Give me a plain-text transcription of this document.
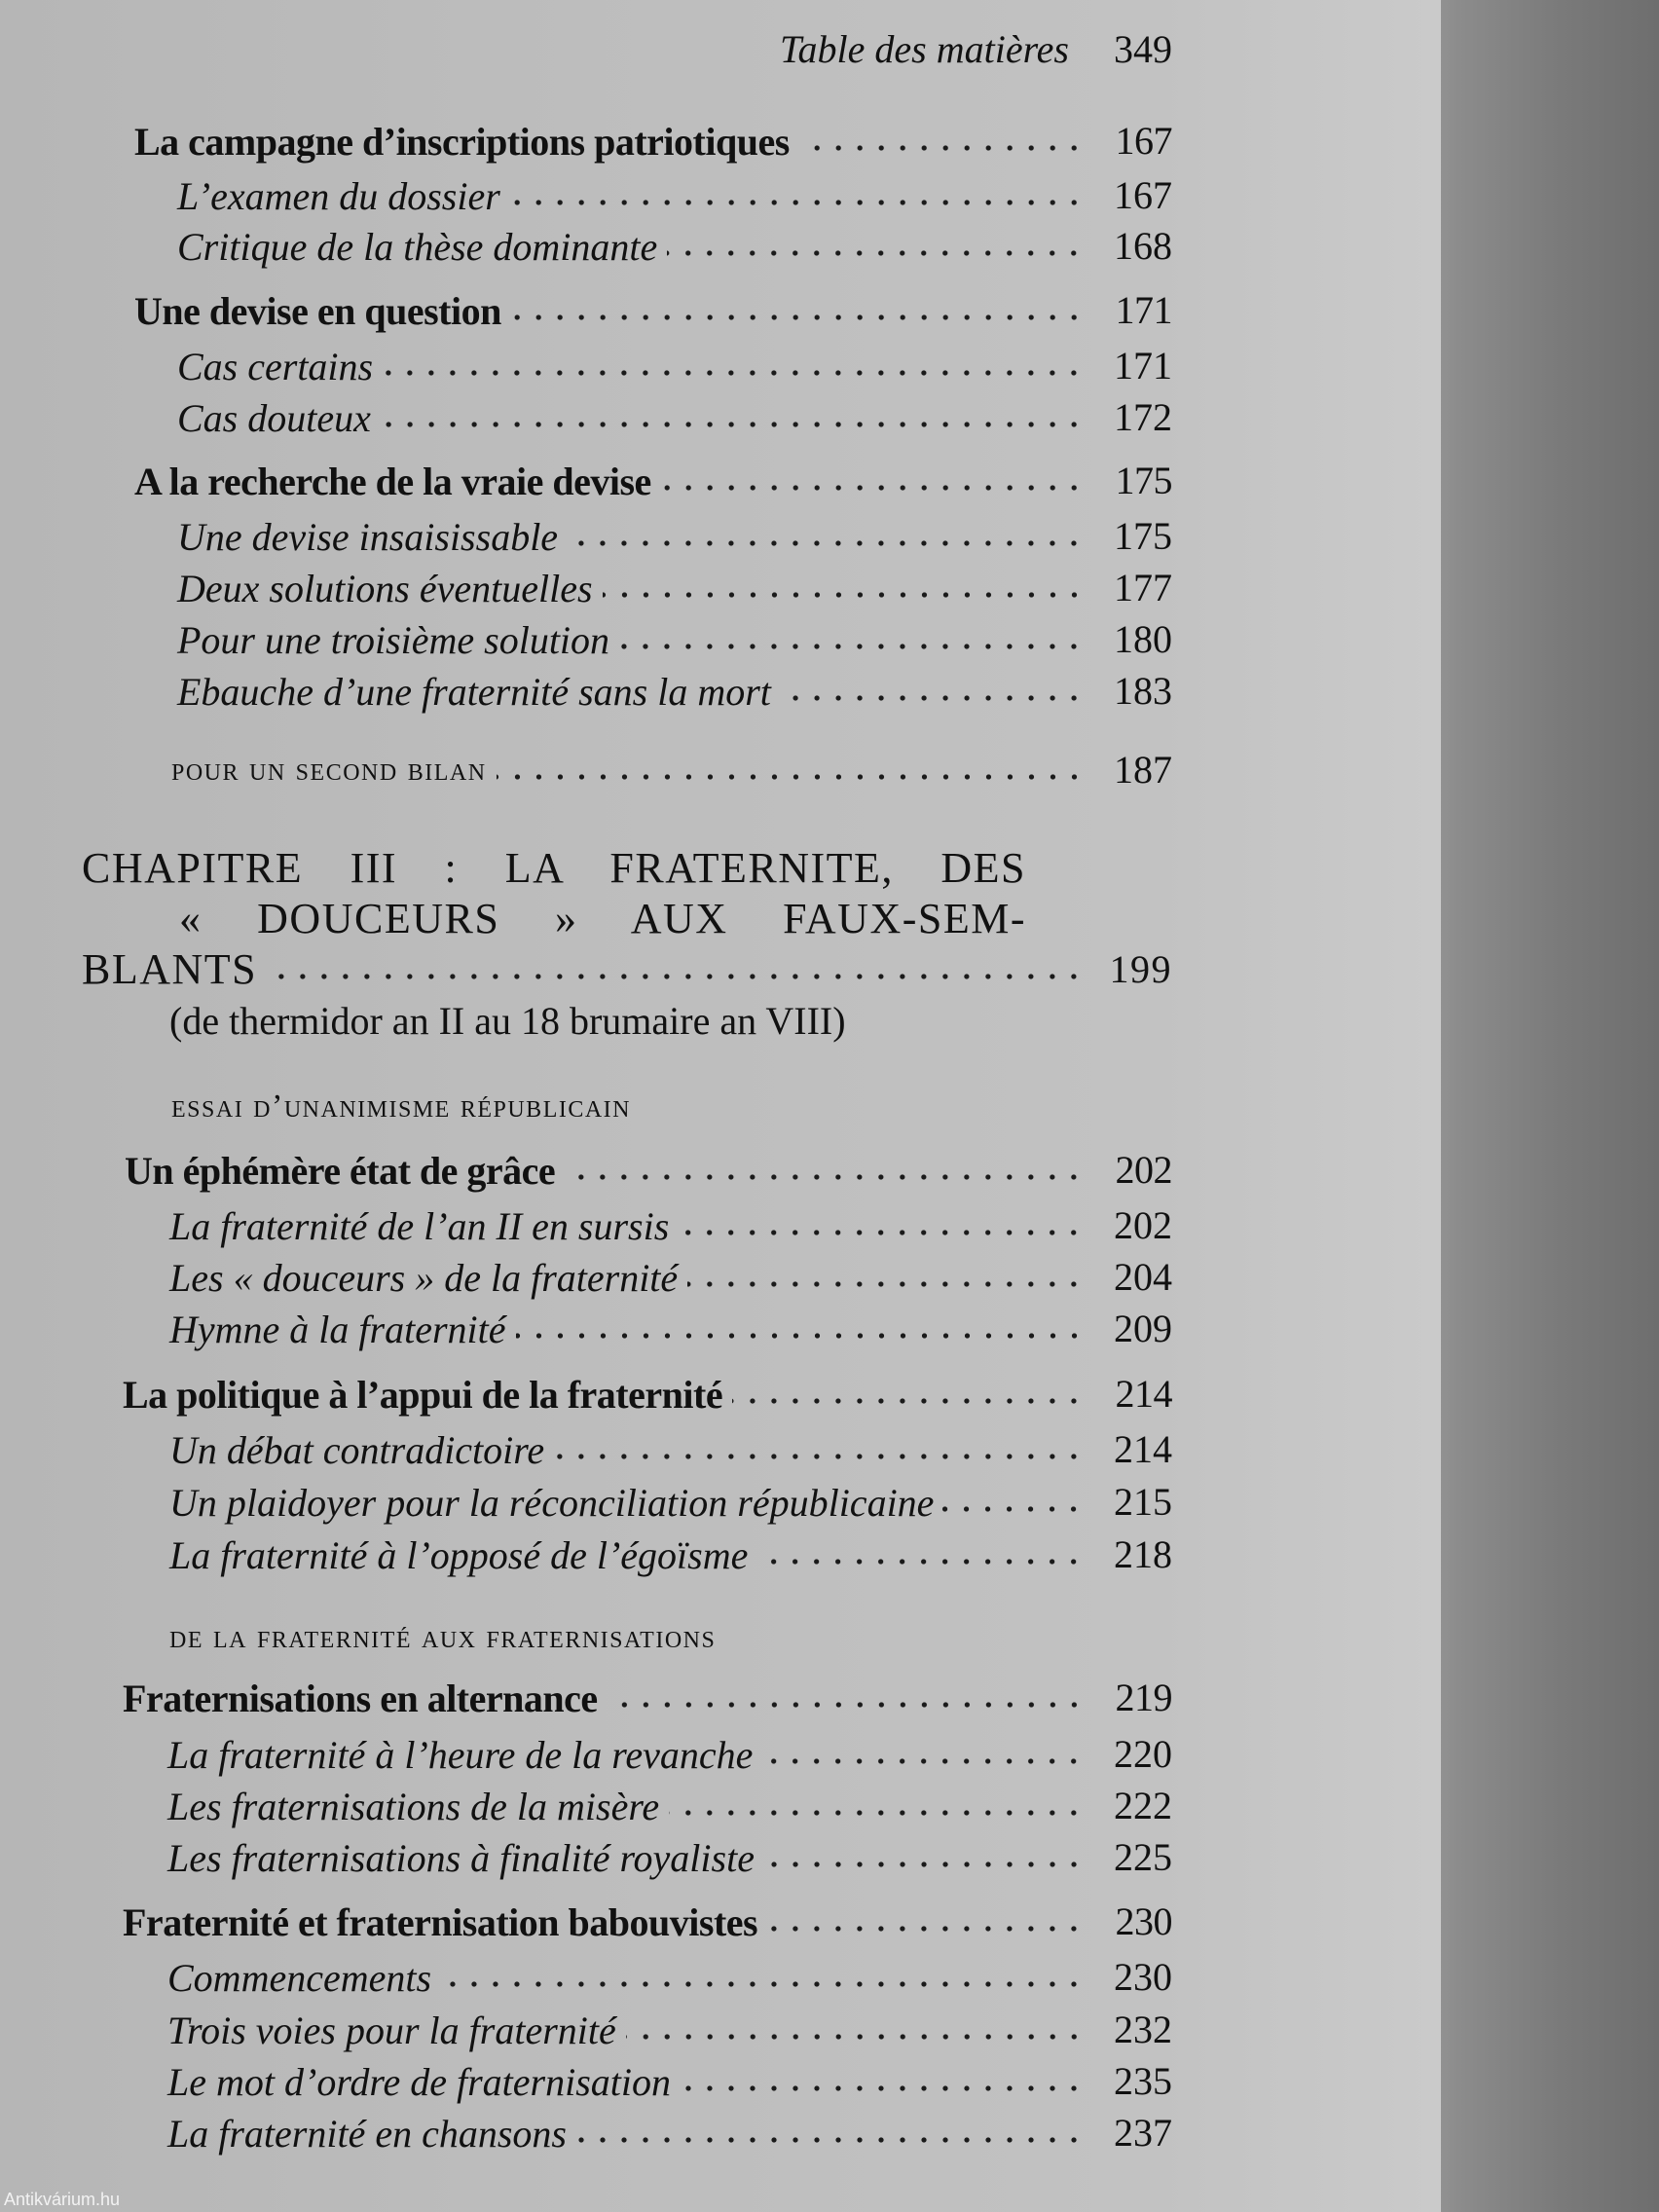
Table des matières 349
La campagne d’inscriptions patriotiques	167
L’examen du dossier	167
Critique de la thèse dominante	168
Une devise en question	171
Cas certains	171
Cas douteux	172
A la recherche de la vraie devise	175
Une devise insaisissable	175
Deux solutions éventuelles	177
Pour une troisième solution	180
Ebauche d’une fraternité sans la mort	183
pour un second bilan	187
CHAPITRE III : LA FRATERNITE, DES
« DOUCEURS » AUX FAUX-SEM-
BLANTS	199
(de thermidor an II au 18 brumaire an VIII)
essai d’unanimisme républicain
Un éphémère état de grâce	202
La fraternité de l’an II en sursis	202
Les « douceurs » de la fraternité	204
Hymne à la fraternité	209
La politique à l’appui de la fraternité	214
Un débat contradictoire	214
Un plaidoyer pour la réconciliation républicaine	215
La fraternité à l’opposé de l’égoïsme	218
de la fraternité aux fraternisations
Fraternisations en alternance	219
La fraternité à l’heure de la revanche	220
Les fraternisations de la misère	222
Les fraternisations à finalité royaliste	225
Fraternité et fraternisation babouvistes	230
Commencements	230
Trois voies pour la fraternité	232
Le mot d’ordre de fraternisation	235
La fraternité en chansons	237
Antikvárium.hu
